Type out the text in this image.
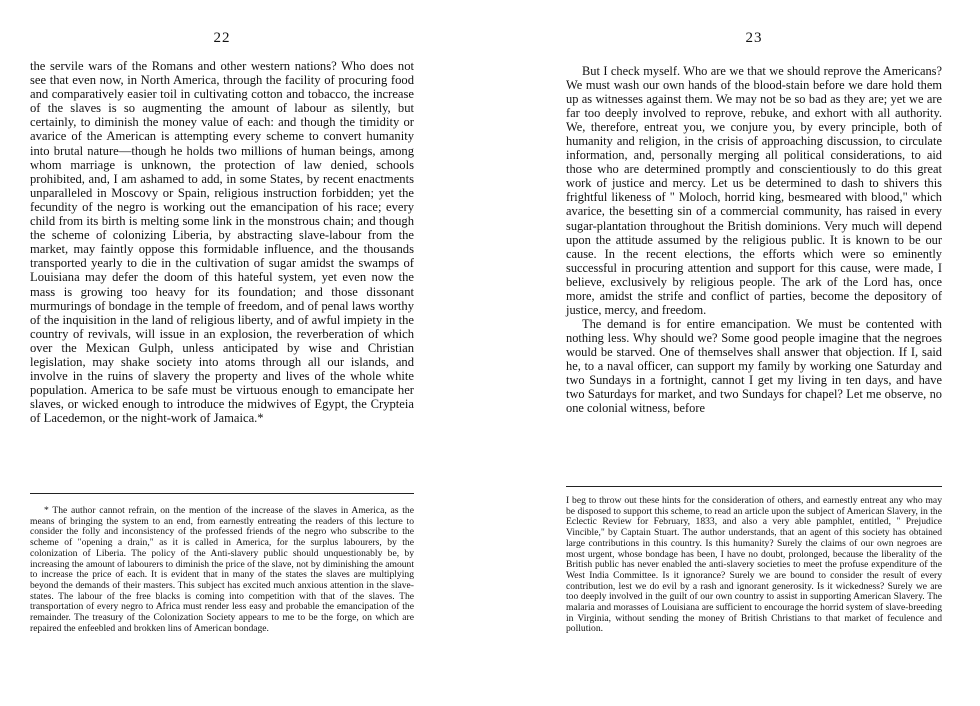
22

the servile wars of the Romans and other western nations? Who does not see that even now, in North America, through the facility of procuring food and comparatively easier toil in cultivating cotton and tobacco, the increase of the slaves is so augmenting the amount of labour as silently, but certainly, to diminish the money value of each: and though the timidity or avarice of the American is attempting every scheme to convert humanity into brutal nature—though he holds two millions of human beings, among whom marriage is unknown, the protection of law denied, schools prohibited, and, I am ashamed to add, in some States, by recent enactments unparalleled in Moscovy or Spain, religious instruction forbidden; yet the fecundity of the negro is working out the emancipation of his race; every child from its birth is melting some link in the monstrous chain; and though the scheme of colonizing Liberia, by abstracting slave-labour from the market, may faintly oppose this formidable influence, and the thousands transported yearly to die in the cultivation of sugar amidst the swamps of Louisiana may defer the doom of this hateful system, yet even now the mass is growing too heavy for its foundation; and those dissonant murmurings of bondage in the temple of freedom, and of penal laws worthy of the inquisition in the land of religious liberty, and of awful impiety in the country of revivals, will issue in an explosion, the reverberation of which over the Mexican Gulph, unless anticipated by wise and Christian legislation, may shake society into atoms through all our islands, and involve in the ruins of slavery the property and lives of the whole white population. America to be safe must be virtuous enough to emancipate her slaves, or wicked enough to introduce the midwives of Egypt, the Crypteia of Lacedemon, or the night-work of Jamaica.*

* The author cannot refrain, on the mention of the increase of the slaves in America, as the means of bringing the system to an end, from earnestly entreating the readers of this lecture to consider the folly and inconsistency of the professed friends of the negro who subscribe to the scheme of "opening a drain," as it is called in America, for the surplus labourers, by the colonization of Liberia. The policy of the Anti-slavery public should unquestionably be, by increasing the amount of labourers to diminish the price of the slave, not by diminishing the amount to increase the price of each. It is evident that in many of the states the slaves are multiplying beyond the demands of their masters. This subject has excited much anxious attention in the slave-states. The labour of the free blacks is coming into competition with that of the slaves. The transportation of every negro to Africa must render less easy and probable the emancipation of the remainder. The treasury of the Colonization Society appears to me to be the forge, on which are repaired the enfeebled and brokken lins of American bondage.

23

But I check myself. Who are we that we should reprove the Americans? We must wash our own hands of the blood-stain before we dare hold them up as witnesses against them. We may not be so bad as they are; yet we are far too deeply involved to reprove, rebuke, and exhort with all authority. We, therefore, entreat you, we conjure you, by every principle, both of humanity and religion, in the crisis of approaching discussion, to circulate information, and, personally merging all political considerations, to aid those who are determined promptly and conscientiously to do this great work of justice and mercy. Let us be determined to dash to shivers this frightful likeness of " Moloch, horrid king, besmeared with blood," which avarice, the besetting sin of a commercial community, has raised in every sugar-plantation throughout the British dominions. Very much will depend upon the attitude assumed by the religious public. It is known to be our cause. In the recent elections, the efforts which were so eminently successful in procuring attention and support for this cause, were made, I believe, exclusively by religious people. The ark of the Lord has, once more, amidst the strife and conflict of parties, become the depository of justice, mercy, and freedom.

The demand is for entire emancipation. We must be contented with nothing less. Why should we? Some good people imagine that the negroes would be starved. One of themselves shall answer that objection. If I, said he, to a naval officer, can support my family by working one Saturday and two Sundays in a fortnight, cannot I get my living in ten days, and have two Saturdays for market, and two Sundays for chapel? Let me observe, no one colonial witness, before

I beg to throw out these hints for the consideration of others, and earnestly entreat any who may be disposed to support this scheme, to read an article upon the subject of American Slavery, in the Eclectic Review for February, 1833, and also a very able pamphlet, entitled, " Prejudice Vincible," by Captain Stuart. The author understands, that an agent of this society has obtained large contributions in this country. Is this humanity? Surely the claims of our own negroes are most urgent, whose bondage has been, I have no doubt, prolonged, because the liberality of the British public has never enabled the anti-slavery societies to meet the profuse expenditure of the West India Committee. Is it ignorance? Surely we are bound to consider the result of every contribution, lest we do evil by a rash and ignorant generosity. Is it wickedness? Surely we are too deeply involved in the guilt of our own country to assist in supporting American Slavery. The malaria and morasses of Louisiana are sufficient to encourage the horrid system of slave-breeding in Virginia, without sending the money of British Christians to that market of feculence and pollution.
